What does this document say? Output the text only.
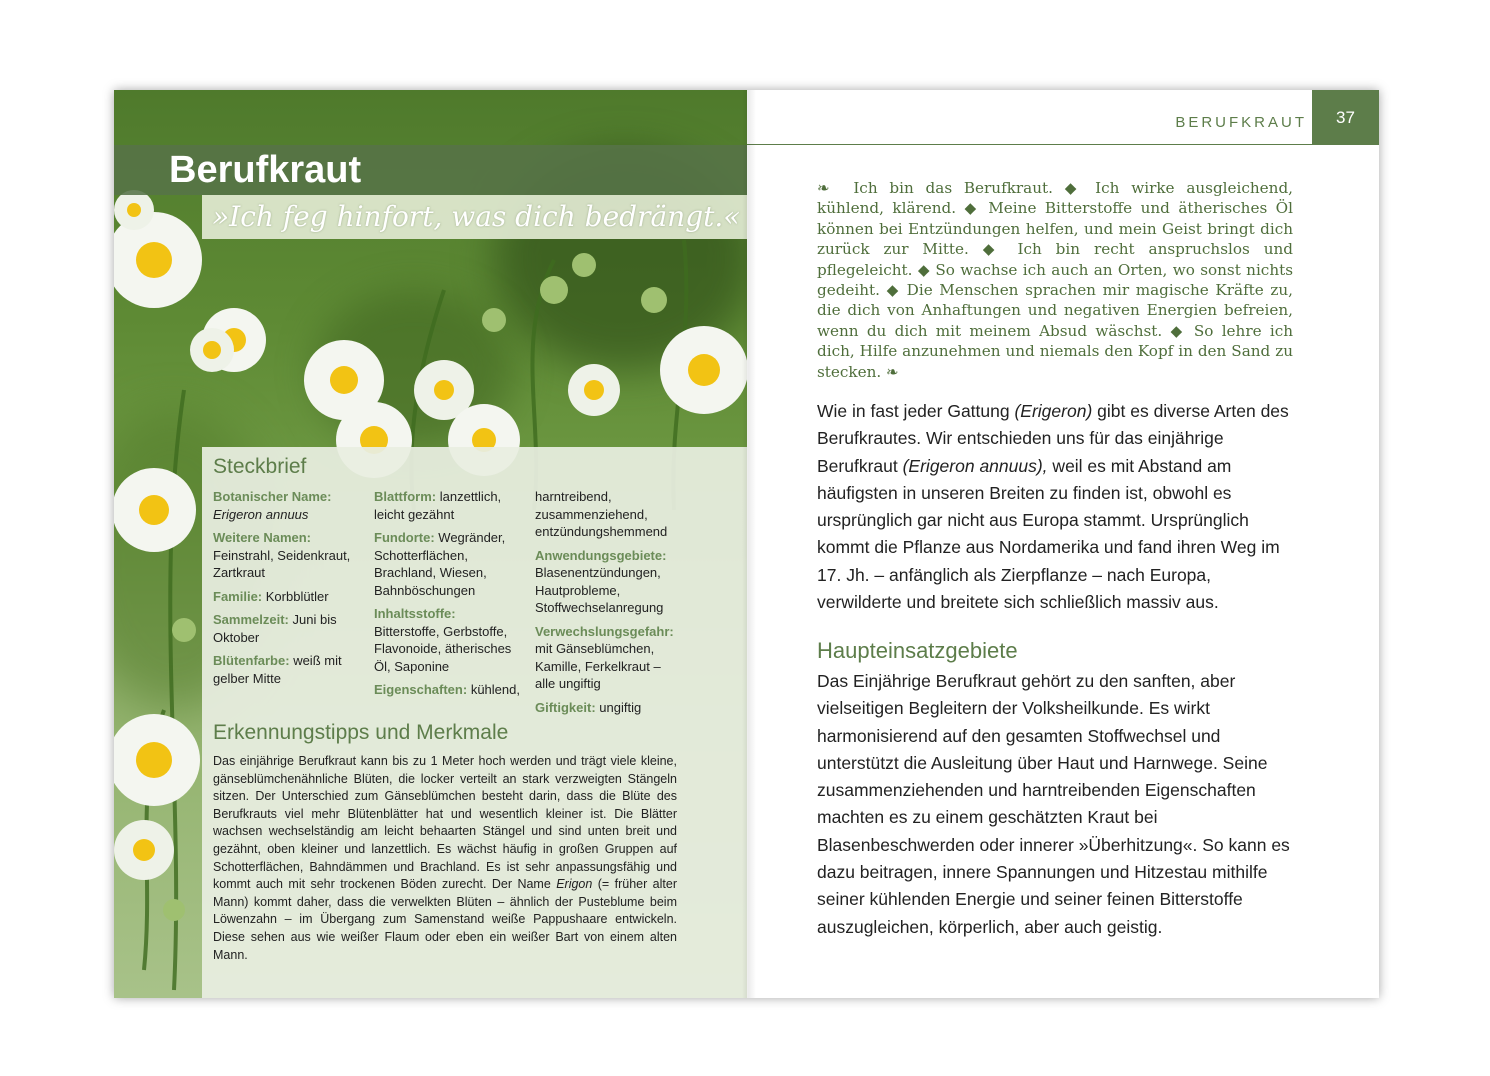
Berufkraut
»Ich feg hinfort, was dich bedrängt.«
Steckbrief

Botanischer Name:
Erigeron annuus

Weitere Namen:
Feinstrahl, Seidenkraut, Zartkraut

Familie: Korbblütler

Sammelzeit: Juni bis Oktober

Blütenfarbe: weiß mit gelber Mitte

Blattform: lanzettlich, leicht gezähnt

Fundorte: Wegränder, Schotterflächen, Brachland, Wiesen, Bahnböschungen

Inhaltsstoffe: Bitterstoffe, Gerbstoffe, Flavonoide, ätherisches Öl, Saponine

Eigenschaften: kühlend,

harntreibend, zusammenziehend, entzündungshemmend

Anwendungsgebiete:
Blasenentzündungen, Hautprobleme, Stoffwechselanregung

Verwechslungsgefahr:
mit Gänseblümchen, Kamille, Ferkelkraut – alle ungiftig

Giftigkeit: ungiftig

Erkennungstipps und Merkmale
Das einjährige Berufkraut kann bis zu 1 Meter hoch werden und trägt viele kleine, gänseblümchenähnliche Blüten, die locker verteilt an stark verzweigten Stängeln sitzen. Der Unterschied zum Gänseblümchen besteht darin, dass die Blüte des Berufkrauts viel mehr Blütenblätter hat und wesentlich kleiner ist. Die Blätter wachsen wechselständig am leicht behaarten Stängel und sind unten breit und gezähnt, oben kleiner und lanzettlich. Es wächst häufig in großen Gruppen auf Schotterflächen, Bahndämmen und Brachland. Es ist sehr anpassungsfähig und kommt auch mit sehr trockenen Böden zurecht. Der Name Erigon (= früher alter Mann) kommt daher, dass die verwelkten Blüten – ähnlich der Pusteblume beim Löwenzahn – im Übergang zum Samenstand weiße Pappushaare entwickeln. Diese sehen aus wie weißer Flaum oder eben ein weißer Bart von einem alten Mann.
BERUFKRAUT	37
❧ Ich bin das Berufkraut. ◆ Ich wirke ausgleichend, kühlend, klärend. ◆ Meine Bitterstoffe und ätherisches Öl können bei Entzündungen helfen, und mein Geist bringt dich zurück zur Mitte. ◆ Ich bin recht anspruchslos und pflegeleicht. ◆ So wachse ich auch an Orten, wo sonst nichts gedeiht. ◆ Die Menschen sprachen mir magische Kräfte zu, die dich von Anhaftungen und negativen Energien befreien, wenn du dich mit meinem Absud wäschst. ◆ So lehre ich dich, Hilfe anzunehmen und niemals den Kopf in den Sand zu stecken. ❧
Wie in fast jeder Gattung (Erigeron) gibt es diverse Arten des Berufkrautes. Wir entschieden uns für das einjährige Berufkraut (Erigeron annuus), weil es mit Abstand am häufigsten in unseren Breiten zu finden ist, obwohl es ursprünglich gar nicht aus Europa stammt. Ursprünglich kommt die Pflanze aus Nordamerika und fand ihren Weg im 17. Jh. – anfänglich als Zierpflanze – nach Europa, verwilderte und breitete sich schließlich massiv aus.
Haupteinsatzgebiete
Das Einjährige Berufkraut gehört zu den sanften, aber vielseitigen Begleitern der Volksheilkunde. Es wirkt harmonisierend auf den gesamten Stoffwechsel und unterstützt die Ausleitung über Haut und Harnwege. Seine zusammenziehenden und harntreibenden Eigenschaften machten es zu einem geschätzten Kraut bei Blasenbeschwerden oder innerer »Überhitzung«. So kann es dazu beitragen, innere Spannungen und Hitzestau mithilfe seiner kühlenden Energie und seiner feinen Bitterstoffe auszugleichen, körperlich, aber auch geistig.
